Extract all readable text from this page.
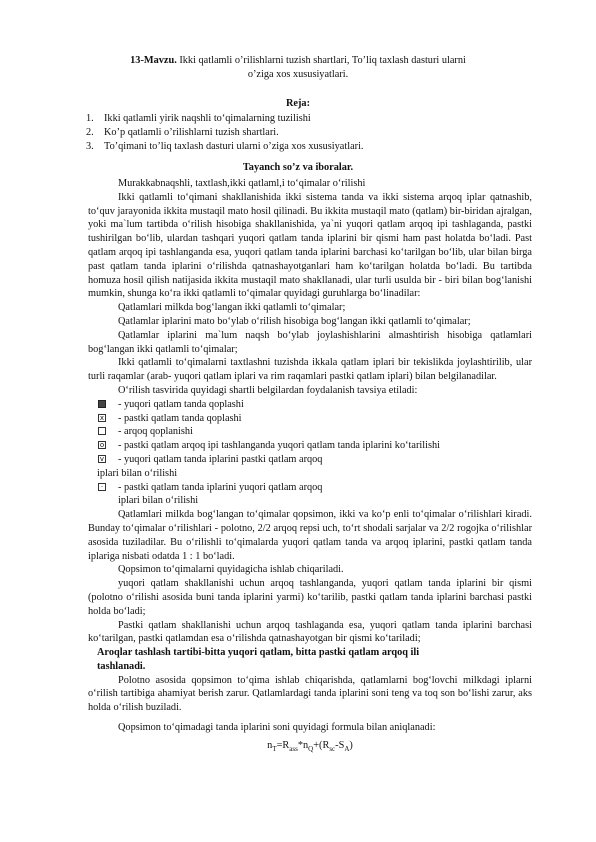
13-Mavzu. Ikki qatlamli o’rilishlarni tuzish shartlari, To’liq taxlash dasturi ularni
o’ziga xos xususiyatlari.
Reja:
1. Ikki qatlamli yirik naqshli to‘qimalarning tuzilishi
2. Ko’p qatlamli o’rilishlarni tuzish shartlari.
3. To’qimani to’liq taxlash dasturi ularni o’ziga xos xususiyatlari.
Tayanch so’z va iboralar.

Murakkabnaqshli, taxtlash,ikki qatlaml,i to‘qimalar o‘rilishi

Ikki qatlamli to‘qimani shakllanishida ikki sistema tanda va ikki sistema arqoq iplar qatnashib, to‘quv jarayonida ikkita mustaqil mato hosil qilinadi. Bu ikkita mustaqil mato (qatlam) bir-biridan ajralgan, yoki ma`lum tartibda o‘rilish hisobiga shakllanishida, ya`ni yuqori qatlam arqoq ipi tashlaganda, pastki tushirilgan bo‘lib, ulardan tashqari yuqori qatlam tanda iplarini bir qismi ham past holatda bo‘ladi. Past qatlam arqoq ipi tashlanganda esa, yuqori qatlam tanda iplarini barchasi ko‘tarilgan bo‘lib, ular bilan birga past qatlam tanda iplarini o‘rilishda qatnashayotganlari ham ko‘tarilgan holatda bo‘ladi. Bu tartibda homuza hosil qilish natijasida ikkita mustaqil mato shakllanadi, ular turli usulda bir - biri bilan bog‘lanishi mumkin, shunga ko‘ra ikki qatlamli to‘qimalar quyidagi guruhlarga bo‘linadilar:

Qatlamlari milkda bog‘langan ikki qatlamli to‘qimalar;

Qatlamlar iplarini mato bo‘ylab o‘rilish hisobiga bog‘langan ikki qatlamli to‘qimalar;

Qatlamlar iplarini ma`lum naqsh bo‘ylab joylashishlarini almashtirish hisobiga qatlamlari bog‘langan ikki qatlamli to‘qimalar;

Ikki qatlamli to‘qimalarni taxtlashni tuzishda ikkala qatlam iplari bir tekislikda joylashtirilib, ular turli raqamlar (arab- yuqori qatlam iplari va rim raqamlari pastki qatlam iplari) bilan belgilanadilar.

O‘rilish tasvirida quyidagi shartli belgilardan foydalanish tavsiya etiladi:

- yuqori qatlam tanda qoplashi
x - pastki qatlam tanda qoplashi
- arqoq qoplanishi
o - pastki qatlam arqoq ipi tashlanganda yuqori qatlam tanda iplarini ko‘tarilishi
v - yuqori qatlam tanda iplarini pastki qatlam arqoq
iplari bilan o‘rilishi
· - pastki qatlam tanda iplarini yuqori qatlam arqoq
iplari bilan o‘rilishi

Qatlamlari milkda bog‘langan to‘qimalar qopsimon, ikki va ko‘p enli to‘qimalar o‘rilishlari kiradi. Bunday to‘qimalar o‘rilishlari - polotno, 2/2 arqoq repsi uch, to‘rt shodali sarjalar va 2/2 rogojka o‘rilishlar asosida tuziladilar. Bu o‘rilishli to‘qimalarda yuqori qatlam tanda va arqoq iplarini, pastki qatlam tanda iplariga nisbati odatda 1 : 1 bo‘ladi.

Qopsimon to‘qimalarni quyidagicha ishlab chiqariladi.

yuqori qatlam shakllanishi uchun arqoq tashlanganda, yuqori qatlam tanda iplarini bir qismi (polotno o‘rilishi asosida buni tanda iplarini yarmi) ko‘tarilib, pastki qatlam tanda iplarini barchasi pastki holda bo‘ladi;

Pastki qatlam shakllanishi uchun arqoq tashlaganda esa, yuqori qatlam tanda iplarini barchasi ko‘tarilgan, pastki qatlamdan esa o‘rilishda qatnashayotgan bir qismi ko‘tariladi;

Aroqlar tashlash tartibi-bitta yuqori qatlam, bitta pastki qatlam arqoq ili

tashlanadi.

Polotno asosida qopsimon to‘qima ishlab chiqarishda, qatlamlarni bog‘lovchi milkdagi iplarni o‘rilish tartibiga ahamiyat berish zarur. Qatlamlardagi tanda iplarini soni teng va toq son bo‘lishi zarur, aks holda o‘rilish buziladi.

Qopsimon to‘qimadagi tanda iplarini soni quyidagi formula bilan aniqlanadi:

$n_T=R_{ass}*n_Q+(R_{sc}-S_A)$
